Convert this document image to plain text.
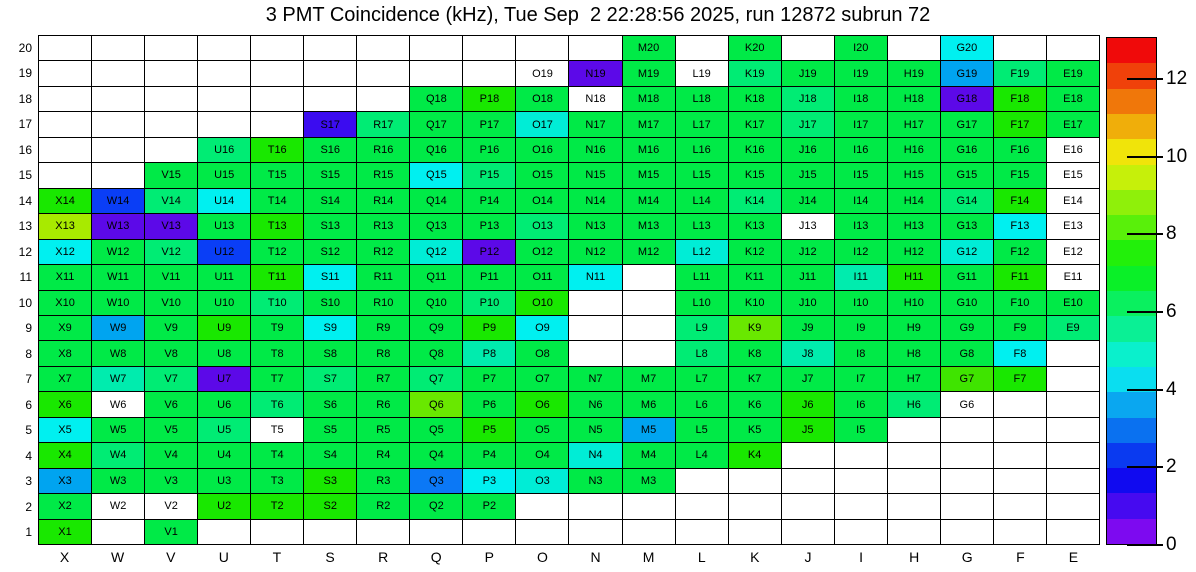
3 PMT Coincidence (kHz), Tue Sep  2 22:28:56 2025, run 12872 subrun 72
20
19
18
17
16
15
14
13
12
11
10
9
8
7
6
5
4
3
2
1
M20	K20	I20	G20
O19	N19	M19	L19	K19	J19	I19	H19	G19	F19	E19
Q18	P18	O18	N18	M18	L18	K18	J18	I18	H18	G18	F18	E18
S17	R17	Q17	P17	O17	N17	M17	L17	K17	J17	I17	H17	G17	F17	E17
U16	T16	S16	R16	Q16	P16	O16	N16	M16	L16	K16	J16	I16	H16	G16	F16	E16
V15	U15	T15	S15	R15	Q15	P15	O15	N15	M15	L15	K15	J15	I15	H15	G15	F15	E15
X14	W14	V14	U14	T14	S14	R14	Q14	P14	O14	N14	M14	L14	K14	J14	I14	H14	G14	F14	E14
X13	W13	V13	U13	T13	S13	R13	Q13	P13	O13	N13	M13	L13	K13	J13	I13	H13	G13	F13	E13
X12	W12	V12	U12	T12	S12	R12	Q12	P12	O12	N12	M12	L12	K12	J12	I12	H12	G12	F12	E12
X11	W11	V11	U11	T11	S11	R11	Q11	P11	O11	N11	L11	K11	J11	I11	H11	G11	F11	E11
X10	W10	V10	U10	T10	S10	R10	Q10	P10	O10	L10	K10	J10	I10	H10	G10	F10	E10
X9	W9	V9	U9	T9	S9	R9	Q9	P9	O9	L9	K9	J9	I9	H9	G9	F9	E9
X8	W8	V8	U8	T8	S8	R8	Q8	P8	O8	L8	K8	J8	I8	H8	G8	F8
X7	W7	V7	U7	T7	S7	R7	Q7	P7	O7	N7	M7	L7	K7	J7	I7	H7	G7	F7
X6	W6	V6	U6	T6	S6	R6	Q6	P6	O6	N6	M6	L6	K6	J6	I6	H6	G6
X5	W5	V5	U5	T5	S5	R5	Q5	P5	O5	N5	M5	L5	K5	J5	I5
X4	W4	V4	U4	T4	S4	R4	Q4	P4	O4	N4	M4	L4	K4
X3	W3	V3	U3	T3	S3	R3	Q3	P3	O3	N3	M3
X2	W2	V2	U2	T2	S2	R2	Q2	P2
X1	V1
X	W	V	U	T	S	R	Q	P	O	N	M	L	K	J	I	H	G	F	E
0
2
4
6
8
10
12
